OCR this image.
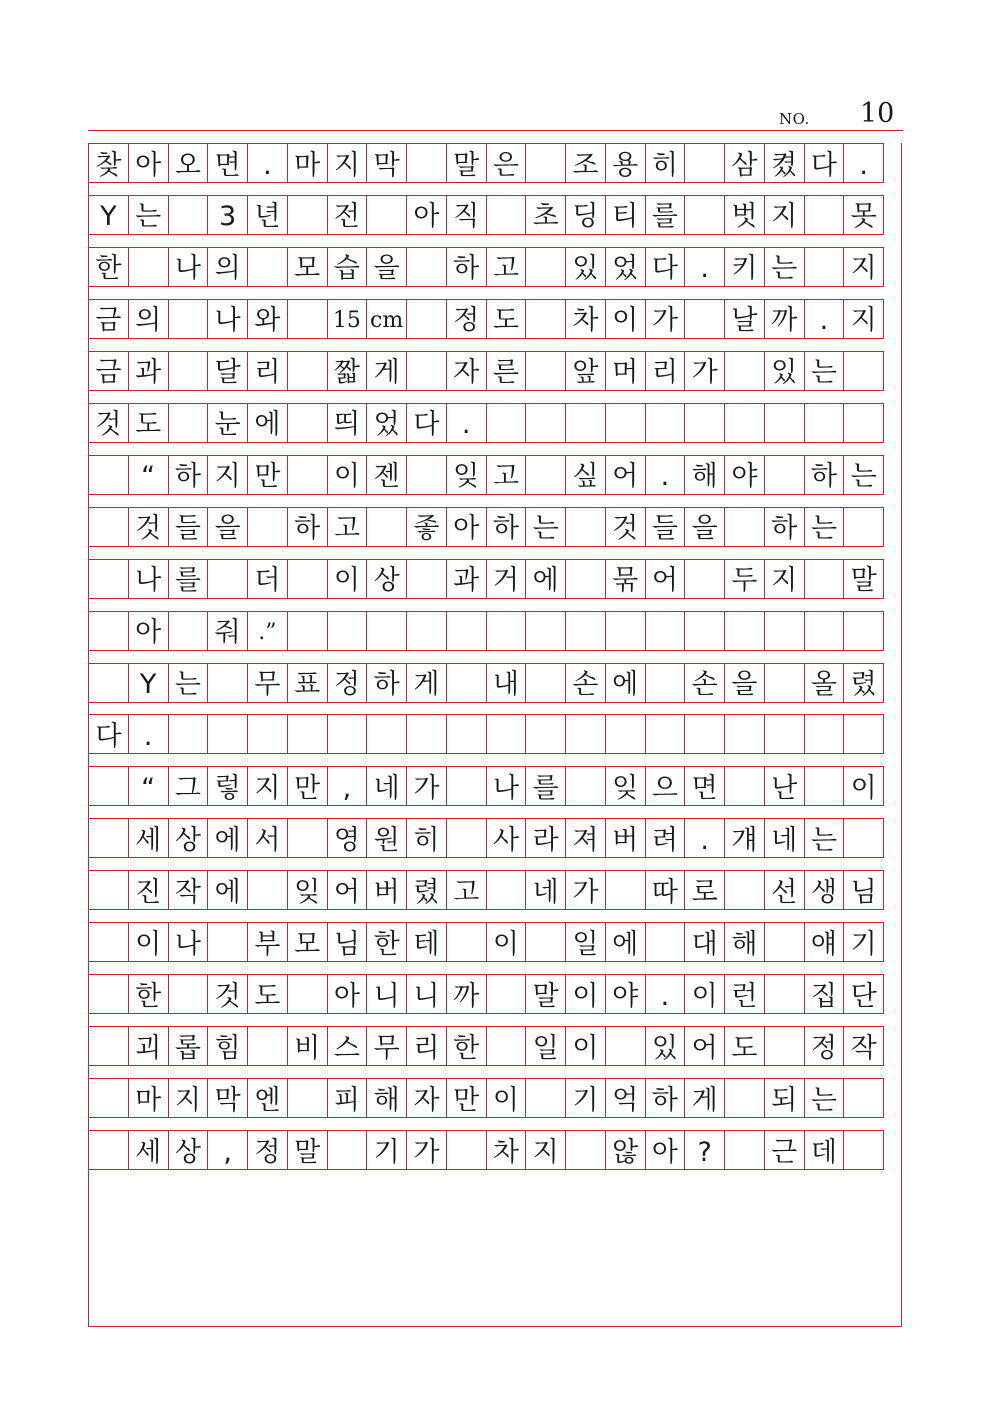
NO. 10
찾 아 오 면 . 마 지 막 말 은 조 용 히 삼 켰 다 .
Y 는	3 년 전 아 직 초 딩 티 를 벗 지 못
한 나 의 모 습 을 하 고 있 었 다 . 키 는 지
금 의 나 와	15 cm 정 도 차 이 가 날 까 . 지
금 과 달 리 짧 게 자 른 앞 머 리 가 있 는
것 도 눈 에 띄 었 다 .
“ 하 지 만 이 젠 잊 고 싶 어 . 해 야 하 는
것 들 을 하 고 좋 아 하 는 것 들 을 하 는
나 를 더 이 상 과 거 에 묶 어 두 지 말
아 줘 .”
Y 는 무 표 정 하 게 내 손 에 손 을 올 렸
다 .
“ 그 렇 지 만 , 네 가 나 를 잊 으 면 난 이
세 상 에 서 영 원 히 사 라 져 버 려 . 걔 네 는
진 작 에 잊 어 버 렸 고 네 가 따 로 선 생 님
이 나 부 모 님 한 테 이 일 에 대 해 얘 기
한 것 도 아 니 니 까 말 이 야 . 이 런 집 단
괴 롭 힘 비 스 무 리 한 일 이 있 어 도 정 작
마 지 막 엔 피 해 자 만 이 기 억 하 게 되 는
세 상 , 정 말 기 가 차 지 않 아 ?	근 데
